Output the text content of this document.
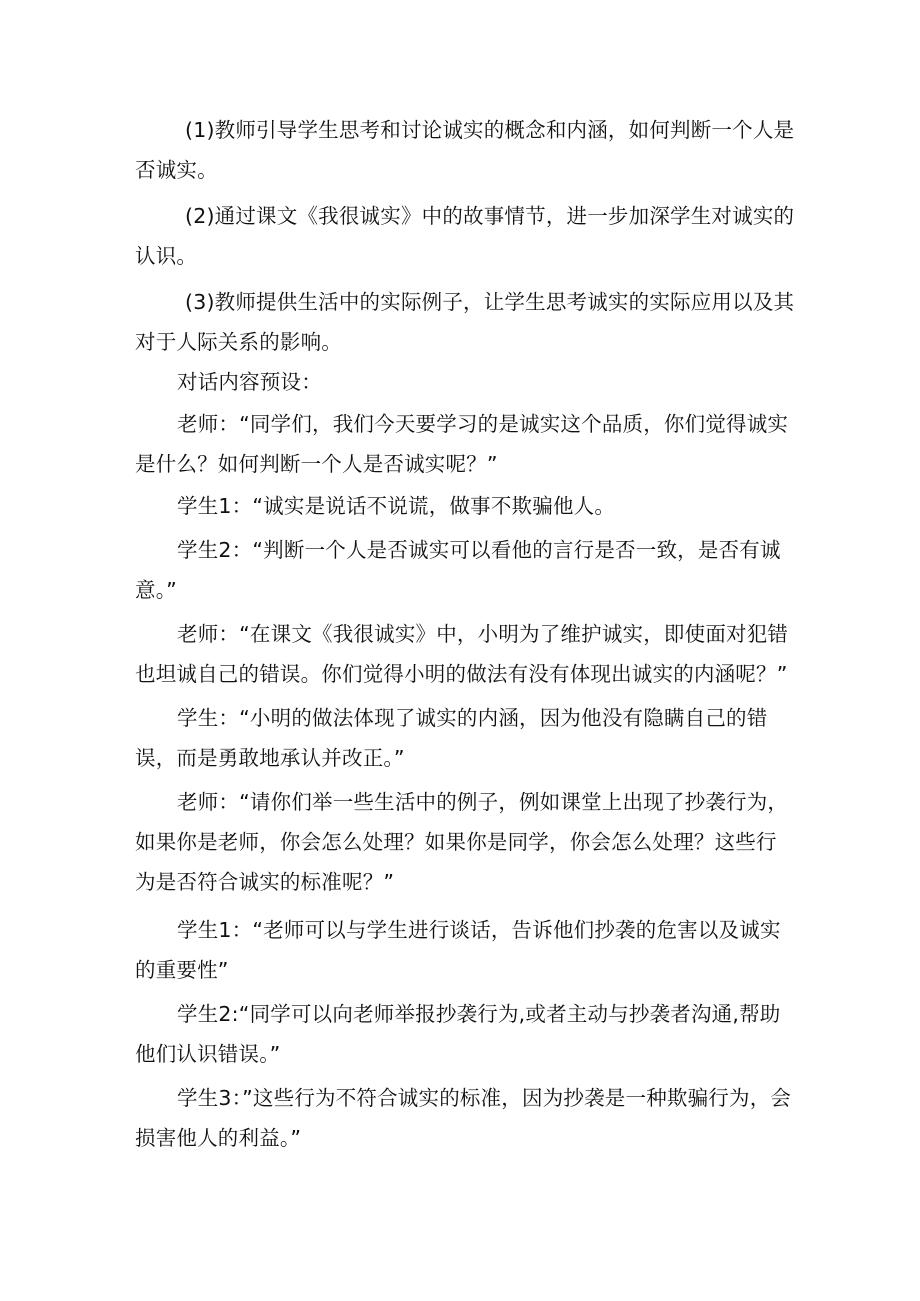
(1)教师引导学生思考和讨论诚实的概念和内涵，如何判断一个人是否诚实。

(2)通过课文《我很诚实》中的故事情节，进一步加深学生对诚实的认识。

(3)教师提供生活中的实际例子，让学生思考诚实的实际应用以及其对于人际关系的影响。

对话内容预设：

老师：“同学们，我们今天要学习的是诚实这个品质，你们觉得诚实是什么？如何判断一个人是否诚实呢？”

学生1：“诚实是说话不说谎，做事不欺骗他人。

学生2：“判断一个人是否诚实可以看他的言行是否一致，是否有诚意。”

老师：“在课文《我很诚实》中，小明为了维护诚实，即使面对犯错也坦诚自己的错误。你们觉得小明的做法有没有体现出诚实的内涵呢？”

学生：“小明的做法体现了诚实的内涵，因为他没有隐瞒自己的错误，而是勇敢地承认并改正。”

老师：“请你们举一些生活中的例子，例如课堂上出现了抄袭行为，如果你是老师，你会怎么处理？如果你是同学，你会怎么处理？这些行为是否符合诚实的标准呢？”

学生1：“老师可以与学生进行谈话，告诉他们抄袭的危害以及诚实的重要性”

学生2:“同学可以向老师举报抄袭行为,或者主动与抄袭者沟通,帮助他们认识错误。”

学生3：”这些行为不符合诚实的标准，因为抄袭是一种欺骗行为，会损害他人的利益。”
